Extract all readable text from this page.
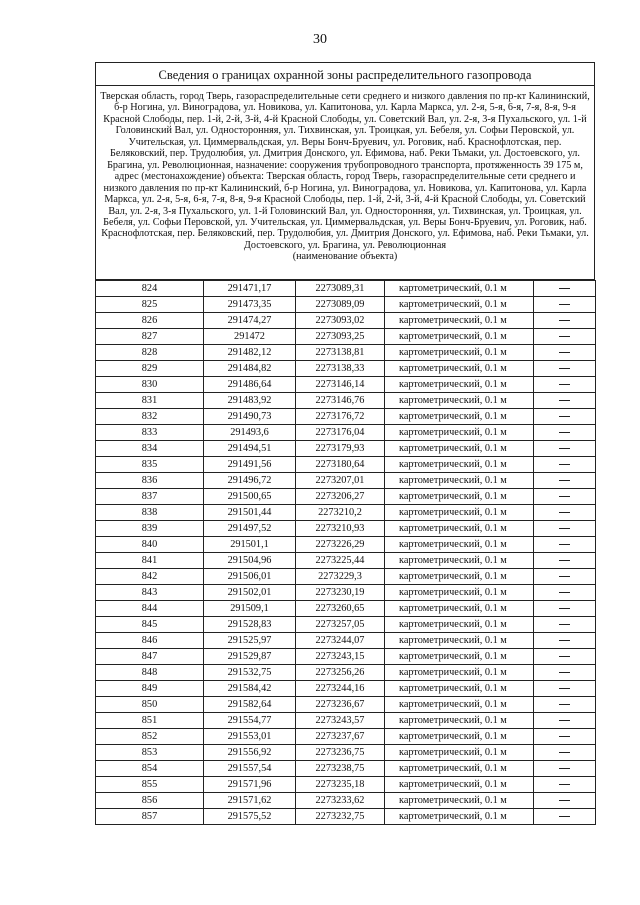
30
Сведения о границах охранной зоны распределительного газопровода
Тверская область, город Тверь, газораспределительные сети среднего и низкого давления по пр-кт Калининский, б-р Ногина, ул. Виноградова, ул. Новикова, ул. Капитонова, ул. Карла Маркса, ул. 2-я, 5-я, 6-я, 7-я, 8-я, 9-я Красной Слободы, пер. 1-й, 2-й, 3-й, 4-й Красной Слободы, ул. Советский Вал, ул. 2-я, 3-я Пухальского, ул. 1-й Головинский Вал, ул. Односторонняя, ул. Тихвинская, ул. Троицкая, ул. Бебеля, ул. Софьи Перовской, ул. Учительская, ул. Циммервальдская, ул. Веры Бонч-Бруевич, ул. Роговик, наб. Краснофлотская, пер. Беляковский, пер. Трудолюбия, ул. Дмитрия Донского, ул. Ефимова, наб. Реки Тьмаки, ул. Достоевского, ул. Брагина, ул. Революционная, назначение: сооружения трубопроводного транспорта, протяженность 39 175 м, адрес (местонахождение) объекта: Тверская область, город Тверь, газораспределительные сети среднего и низкого давления по пр-кт Калининский, б-р Ногина, ул. Виноградова, ул. Новикова, ул. Капитонова, ул. Карла Маркса, ул. 2-я, 5-я, 6-я, 7-я, 8-я, 9-я Красной Слободы, пер. 1-й, 2-й, 3-й, 4-й Красной Слободы, ул. Советский Вал, ул. 2-я, 3-я Пухальского, ул. 1-й Головинский Вал, ул. Односторонняя, ул. Тихвинская, ул. Троицкая, ул. Бебеля, ул. Софьи Перовской, ул. Учительская, ул. Циммервальдская, ул. Веры Бонч-Бруевич, ул. Роговик, наб. Краснофлотская, пер. Беляковский, пер. Трудолюбия, ул. Дмитрия Донского, ул. Ефимова, наб. Реки Тьмаки, ул. Достоевского, ул. Брагина, ул. Революционная
(наименование объекта)
824	291471,17	2273089,31	картометрический, 0.1 м	
825	291473,35	2273089,09	картометрический, 0.1 м	
826	291474,27	2273093,02	картометрический, 0.1 м	
827	291472	2273093,25	картометрический, 0.1 м	
828	291482,12	2273138,81	картометрический, 0.1 м	
829	291484,82	2273138,33	картометрический, 0.1 м	
830	291486,64	2273146,14	картометрический, 0.1 м	
831	291483,92	2273146,76	картометрический, 0.1 м	
832	291490,73	2273176,72	картометрический, 0.1 м	
833	291493,6	2273176,04	картометрический, 0.1 м	
834	291494,51	2273179,93	картометрический, 0.1 м	
835	291491,56	2273180,64	картометрический, 0.1 м	
836	291496,72	2273207,01	картометрический, 0.1 м	
837	291500,65	2273206,27	картометрический, 0.1 м	
838	291501,44	2273210,2	картометрический, 0.1 м	
839	291497,52	2273210,93	картометрический, 0.1 м	
840	291501,1	2273226,29	картометрический, 0.1 м	
841	291504,96	2273225,44	картометрический, 0.1 м	
842	291506,01	2273229,3	картометрический, 0.1 м	
843	291502,01	2273230,19	картометрический, 0.1 м	
844	291509,1	2273260,65	картометрический, 0.1 м	
845	291528,83	2273257,05	картометрический, 0.1 м	
846	291525,97	2273244,07	картометрический, 0.1 м	
847	291529,87	2273243,15	картометрический, 0.1 м	
848	291532,75	2273256,26	картометрический, 0.1 м	
849	291584,42	2273244,16	картометрический, 0.1 м	
850	291582,64	2273236,67	картометрический, 0.1 м	
851	291554,77	2273243,57	картометрический, 0.1 м	
852	291553,01	2273237,67	картометрический, 0.1 м	
853	291556,92	2273236,75	картометрический, 0.1 м	
854	291557,54	2273238,75	картометрический, 0.1 м	
855	291571,96	2273235,18	картометрический, 0.1 м	
856	291571,62	2273233,62	картометрический, 0.1 м	
857	291575,52	2273232,75	картометрический, 0.1 м	
